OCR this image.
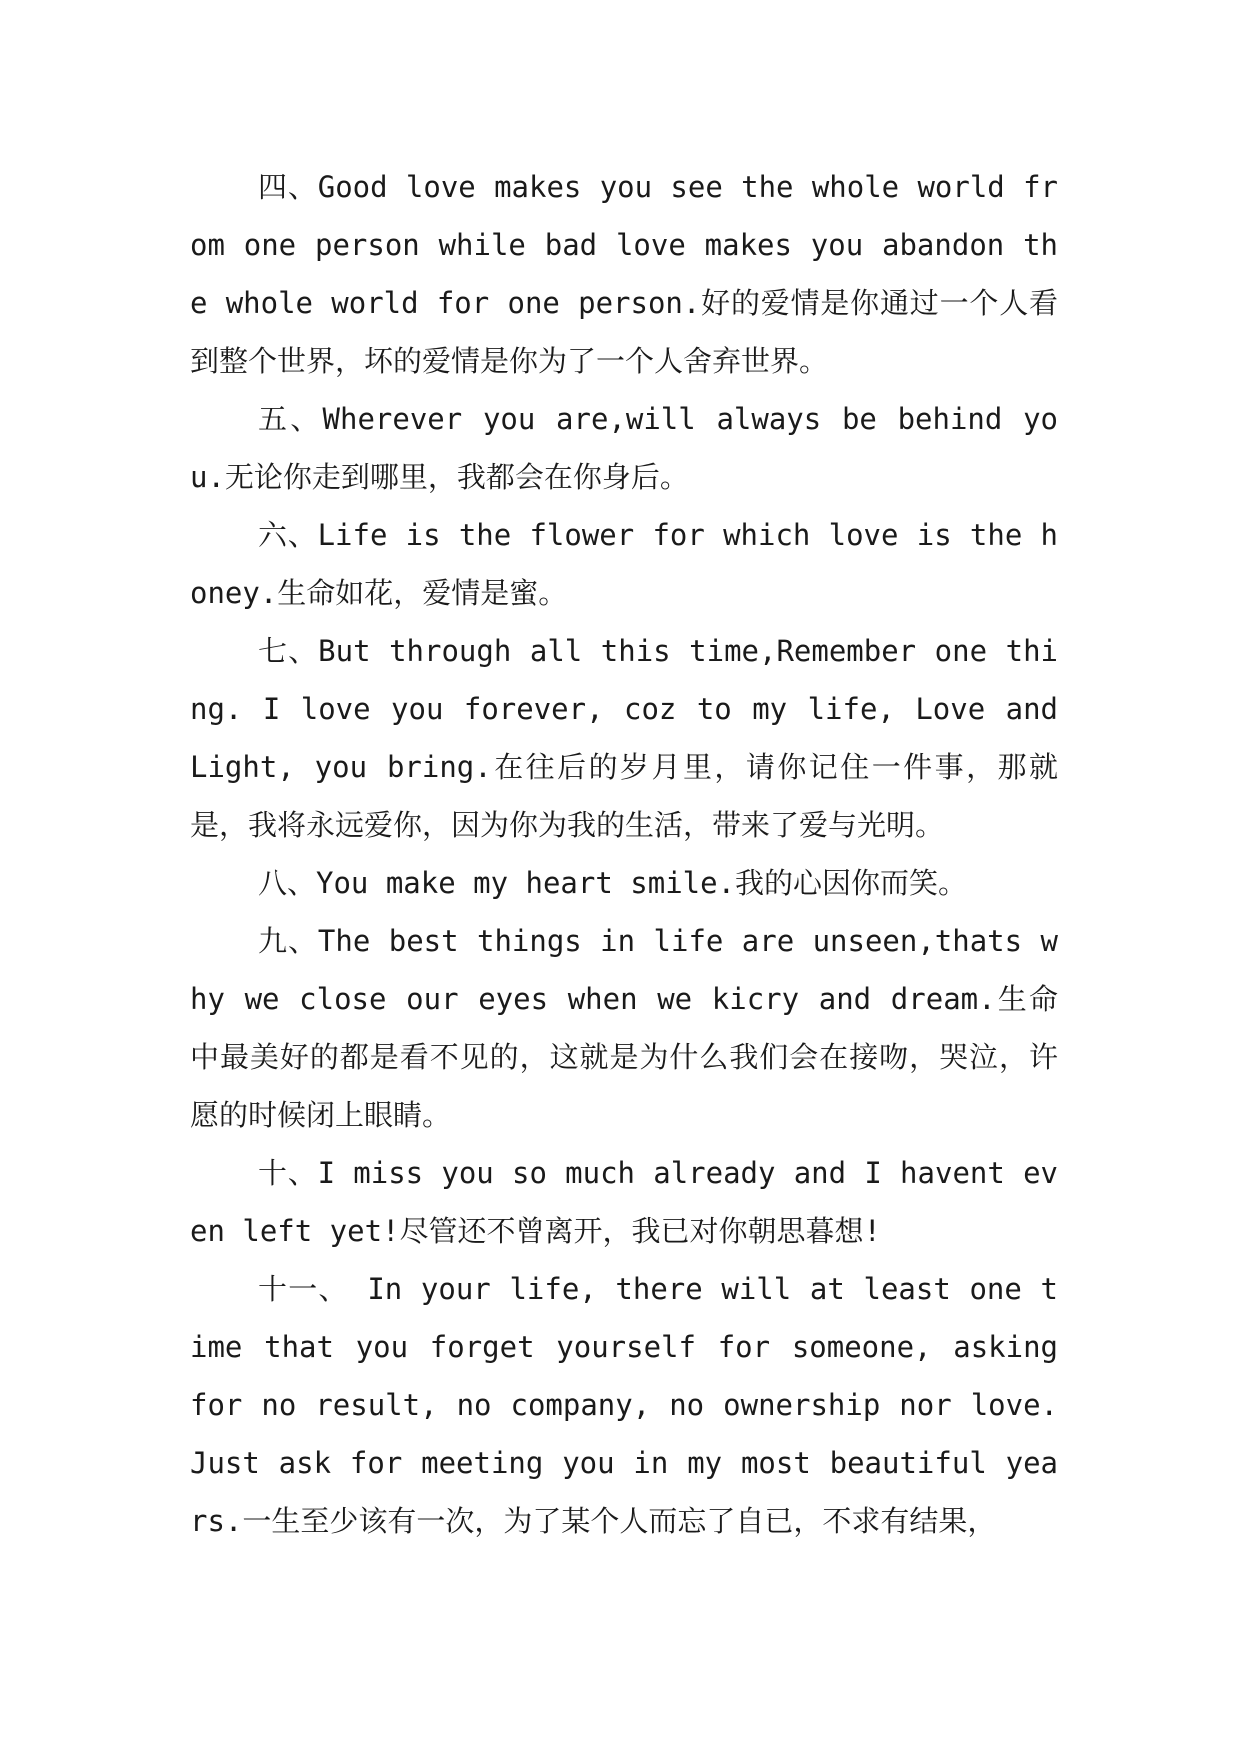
四、Good love makes you see the whole world from one person while bad love makes you abandon the whole world for one person.好的爱情是你通过一个人看到整个世界，坏的爱情是你为了一个人舍弃世界。

五、Wherever you are,will always be behind you.无论你走到哪里，我都会在你身后。

六、Life is the flower for which love is the honey.生命如花，爱情是蜜。

七、But through all this time,Remember one thing. I love you forever, coz to my life, Love and Light, you bring.在往后的岁月里，请你记住一件事，那就是，我将永远爱你，因为你为我的生活，带来了爱与光明。

八、You make my heart smile.我的心因你而笑。

九、The best things in life are unseen,thats why we close our eyes when we kicry and dream.生命中最美好的都是看不见的，这就是为什么我们会在接吻，哭泣，许愿的时候闭上眼睛。

十、I miss you so much already and I havent even left yet!尽管还不曾离开，我已对你朝思暮想!

十一、 In your life, there will at least one time that you forget yourself for someone, asking for no result, no company, no ownership nor love. Just ask for meeting you in my most beautiful years.一生至少该有一次，为了某个人而忘了自已，不求有结果，
